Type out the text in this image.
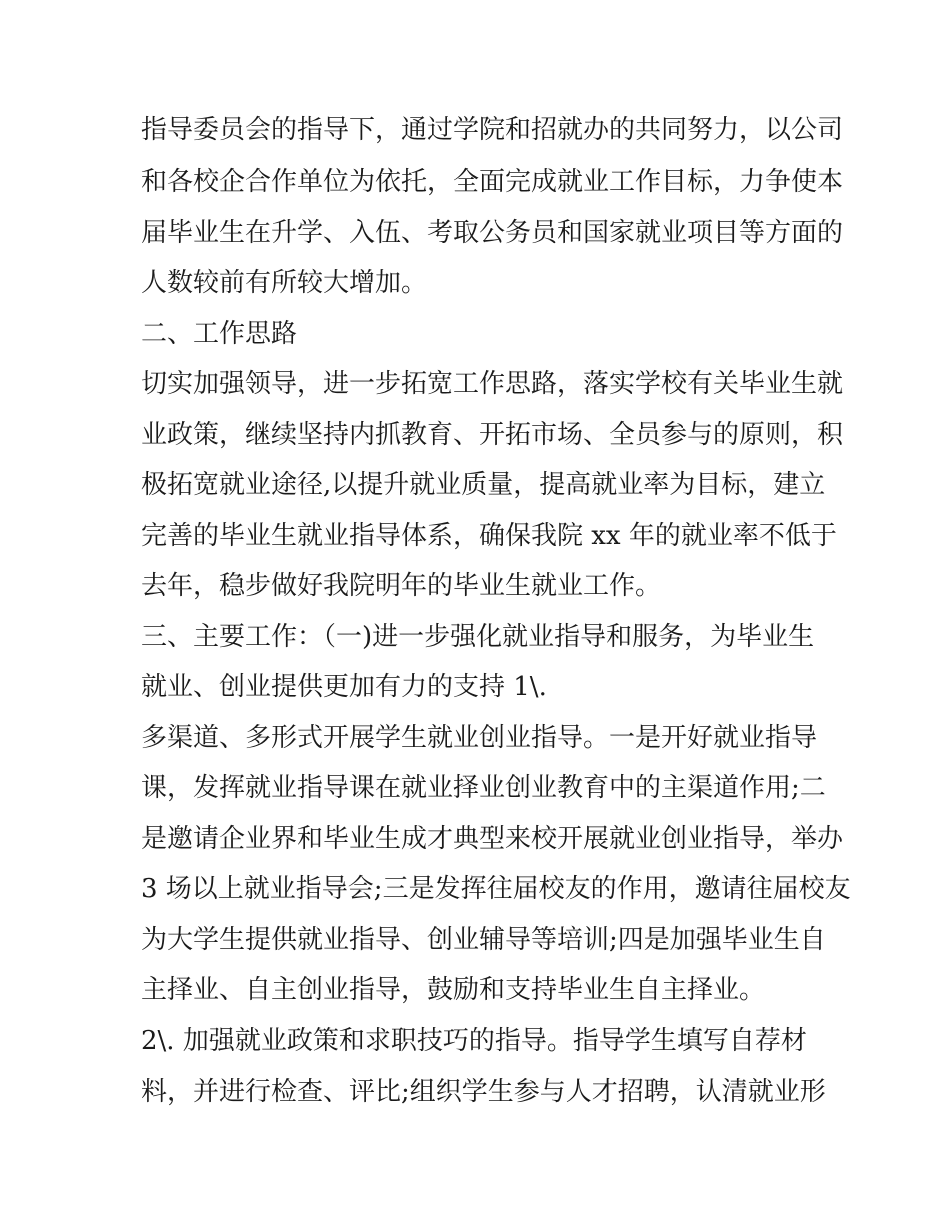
指导委员会的指导下，通过学院和招就办的共同努力，以公司
和各校企合作单位为依托，全面完成就业工作目标，力争使本
届毕业生在升学、入伍、考取公务员和国家就业项目等方面的
人数较前有所较大增加。
二、工作思路
切实加强领导，进一步拓宽工作思路，落实学校有关毕业生就
业政策，继续坚持内抓教育、开拓市场、全员参与的原则，积
极拓宽就业途径,以提升就业质量，提高就业率为目标，建立
完善的毕业生就业指导体系，确保我院 xx 年的就业率不低于
去年，稳步做好我院明年的毕业生就业工作。
三、主要工作：（一)进一步强化就业指导和服务，为毕业生
就业、创业提供更加有力的支持 1\.
多渠道、多形式开展学生就业创业指导。一是开好就业指导
课，发挥就业指导课在就业择业创业教育中的主渠道作用;二
是邀请企业界和毕业生成才典型来校开展就业创业指导，举办
3 场以上就业指导会;三是发挥往届校友的作用，邀请往届校友
为大学生提供就业指导、创业辅导等培训;四是加强毕业生自
主择业、自主创业指导，鼓励和支持毕业生自主择业。
2\. 加强就业政策和求职技巧的指导。指导学生填写自荐材
料，并进行检查、评比;组织学生参与人才招聘，认清就业形
